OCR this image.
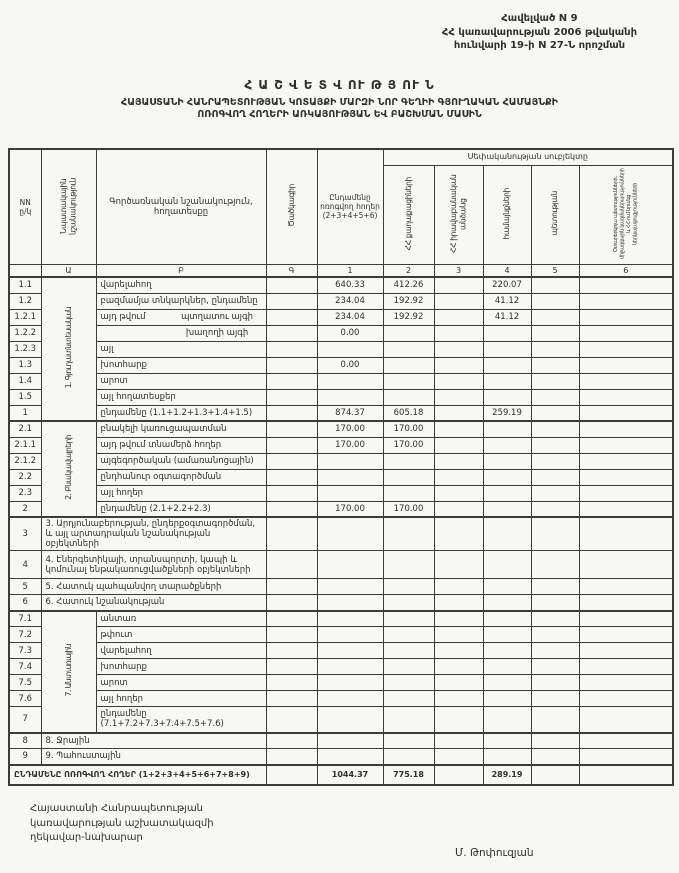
Հավելված N 9
ՀՀ կառավարության 2006 թվականի
հունվարի 19-ի N 27-Ն որոշման
Հ Ա Շ Վ Ե Տ Վ ՈՒ Թ Յ ՈՒ Ն
ՀԱՅԱՍՏԱՆԻ ՀԱՆՐԱՊԵՏՈՒԹՅԱՆ ԿՈՏԱՅՔԻ ՄԱՐԶԻ ՆՈՐ ԳԵՂԻԻ ԳՅՈՒՂԱԿԱՆ ՀԱՄԱՅՆՔԻ
ՈՌՈԳՎՈՂ ՀՈՂԵՐԻ ԱՌԿԱՅՈՒԹՅԱՆ ԵՎ ԲԱՇԽՄԱՆ ՄԱՍԻՆ
NN
ը/կ	Նպատակային նշանակություն	Գործառնական նշանակություն, հողատեսքը	Ծածկագիր	Ընդամենը ոռոգվող հողեր (2+3+4+5+6)	Սեփականության սուբյեկտը				
					ՀՀ քաղաքացիների	ՀՀ իրավաբանական անձանց	համայնքների	պետության	Օտարերկրյա պետությունների, միջազգային կազմակերպությունների և ՀՀ-ում նրանց ներկայացուցչությունների
	Ա	Բ	Գ	1	2	3	4	5	6
1.1	1. Գյուղատնտեսական	վարելահող		640.33	412.26		220.07		
1.2		բազմամյա տնկարկներ, ընդամենը		234.04	192.92		41.12		
1.2.1		այդ թվում պտղատու այգի		234.04	192.92		41.12		
1.2.2		խաղողի այգի		0.00					
1.2.3		այլ							
1.3		խոտհարք		0.00					
1.4		արոտ							
1.5		այլ հողատեսքեր							
1		ընդամենը (1.1+1.2+1.3+1.4+1.5)		874.37	605.18		259.19		
2.1	2. Բնակավայրերի	բնակելի կառուցապատման		170.00	170.00				
2.1.1		այդ թվում տնամերձ հողեր		170.00	170.00				
2.1.2		այգեգործական (ամառանոցային)							
2.2		ընդհանուր օգտագործման							
2.3		այլ հողեր							
2		ընդամենը (2.1+2.2+2.3)		170.00	170.00				
3	3. Արդյունաբերության, ընդերքօգտագործման, և այլ արտադրական նշանակության օբյեկտների								
4	4. Էներգետիկայի, տրանսպորտի, կապի և կոմունալ ենթակառուցվածքների օբյեկտների								
5	5. Հատուկ պահպանվող տարածքների								
6	6. Հատուկ նշանակության								
7.1	7. Անտառային	անտառ							
7.2		թփուտ							
7.3		վարելահող							
7.4		խոտհարք							
7.5		արոտ							
7.6		այլ հողեր							
7		ընդամենը (7.1+7.2+7.3+7.4+7.5+7.6)							
8	8. Ջրային								
9	9. Պահուստային								
ԸՆԴԱՄԵՆԸ ՈՌՈԳՎՈՂ ՀՈՂԵՐ (1+2+3+4+5+6+7+8+9)				1044.37	775.18		289.19		
Հայաստանի Հանրապետության
կառավարության աշխատակազմի
ղեկավար-նախարար
Մ. Թոփուզյան
